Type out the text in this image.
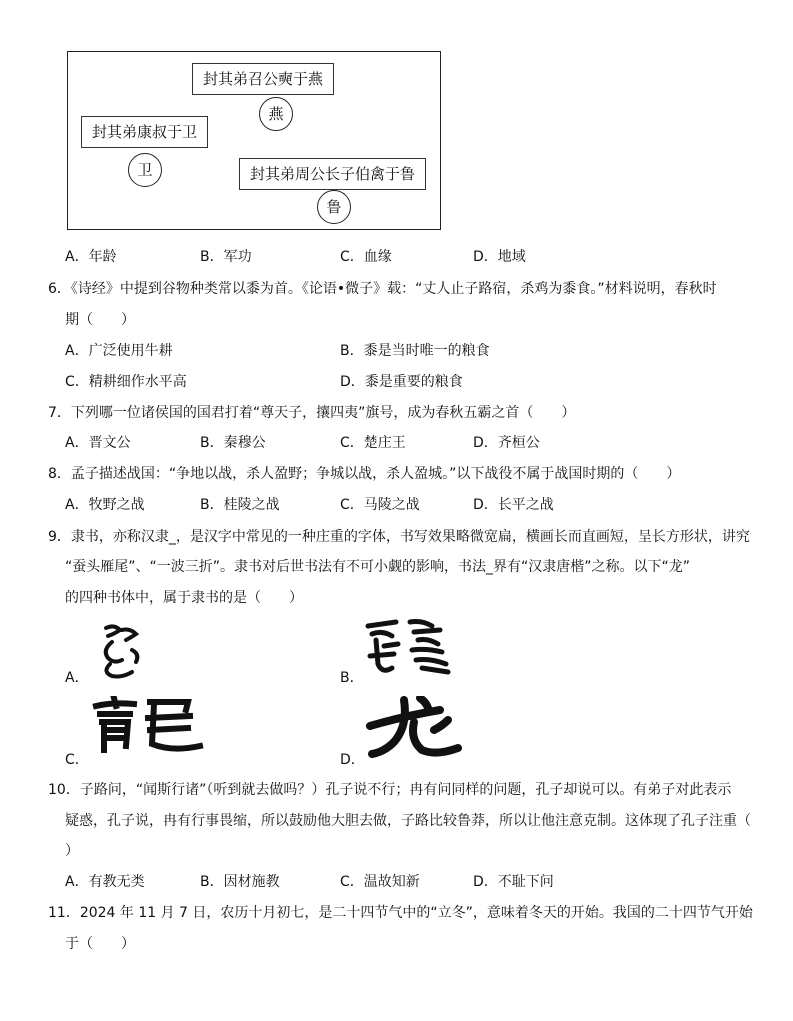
封其弟召公奭于燕
燕
封其弟康叔于卫
卫	封其弟周公长子伯禽于鲁
鲁
A．年龄	B．军功	C．血缘	D．地域
6．《诗经》中提到谷物种类常以黍为首。《论语•微子》载：“丈人止子路宿，杀鸡为黍食。”材料说明，春秋时
期（　　）
A．广泛使用牛耕	B．黍是当时唯一的粮食
C．精耕细作水平高	D．黍是重要的粮食
7．下列哪一位诸侯国的国君打着“尊天子，攘四夷”旗号，成为春秋五霸之首（　　）
A．晋文公	B．秦穆公	C．楚庄王	D．齐桓公
8．孟子描述战国：“争地以战，杀人盈野；争城以战，杀人盈城。”以下战役不属于战国时期的（　　）
A．牧野之战	B．桂陵之战	C．马陵之战	D．长平之战
9．隶书，亦称汉隶_，是汉字中常见的一种庄重的字体，书写效果略微宽扁，横画长而直画短，呈长方形状，讲究
“蚕头雁尾”、“一波三折”。隶书对后世书法有不可小觑的影响，书法_界有“汉隶唐楷”之称。以下“龙”
的四种书体中，属于隶书的是（　　）
A．	B．
C．	D．
10．子路问，“闻斯行诸”（听到就去做吗？）孔子说不行；冉有问同样的问题，孔子却说可以。有弟子对此表示
疑惑，孔子说，冉有行事畏缩，所以鼓励他大胆去做，子路比较鲁莽，所以让他注意克制。这体现了孔子注重（
）
A．有教无类	B．因材施教	C．温故知新	D．不耻下问
11．2024 年 11 月 7 日，农历十月初七，是二十四节气中的“立冬”，意味着冬天的开始。我国的二十四节气开始
于（　　）
